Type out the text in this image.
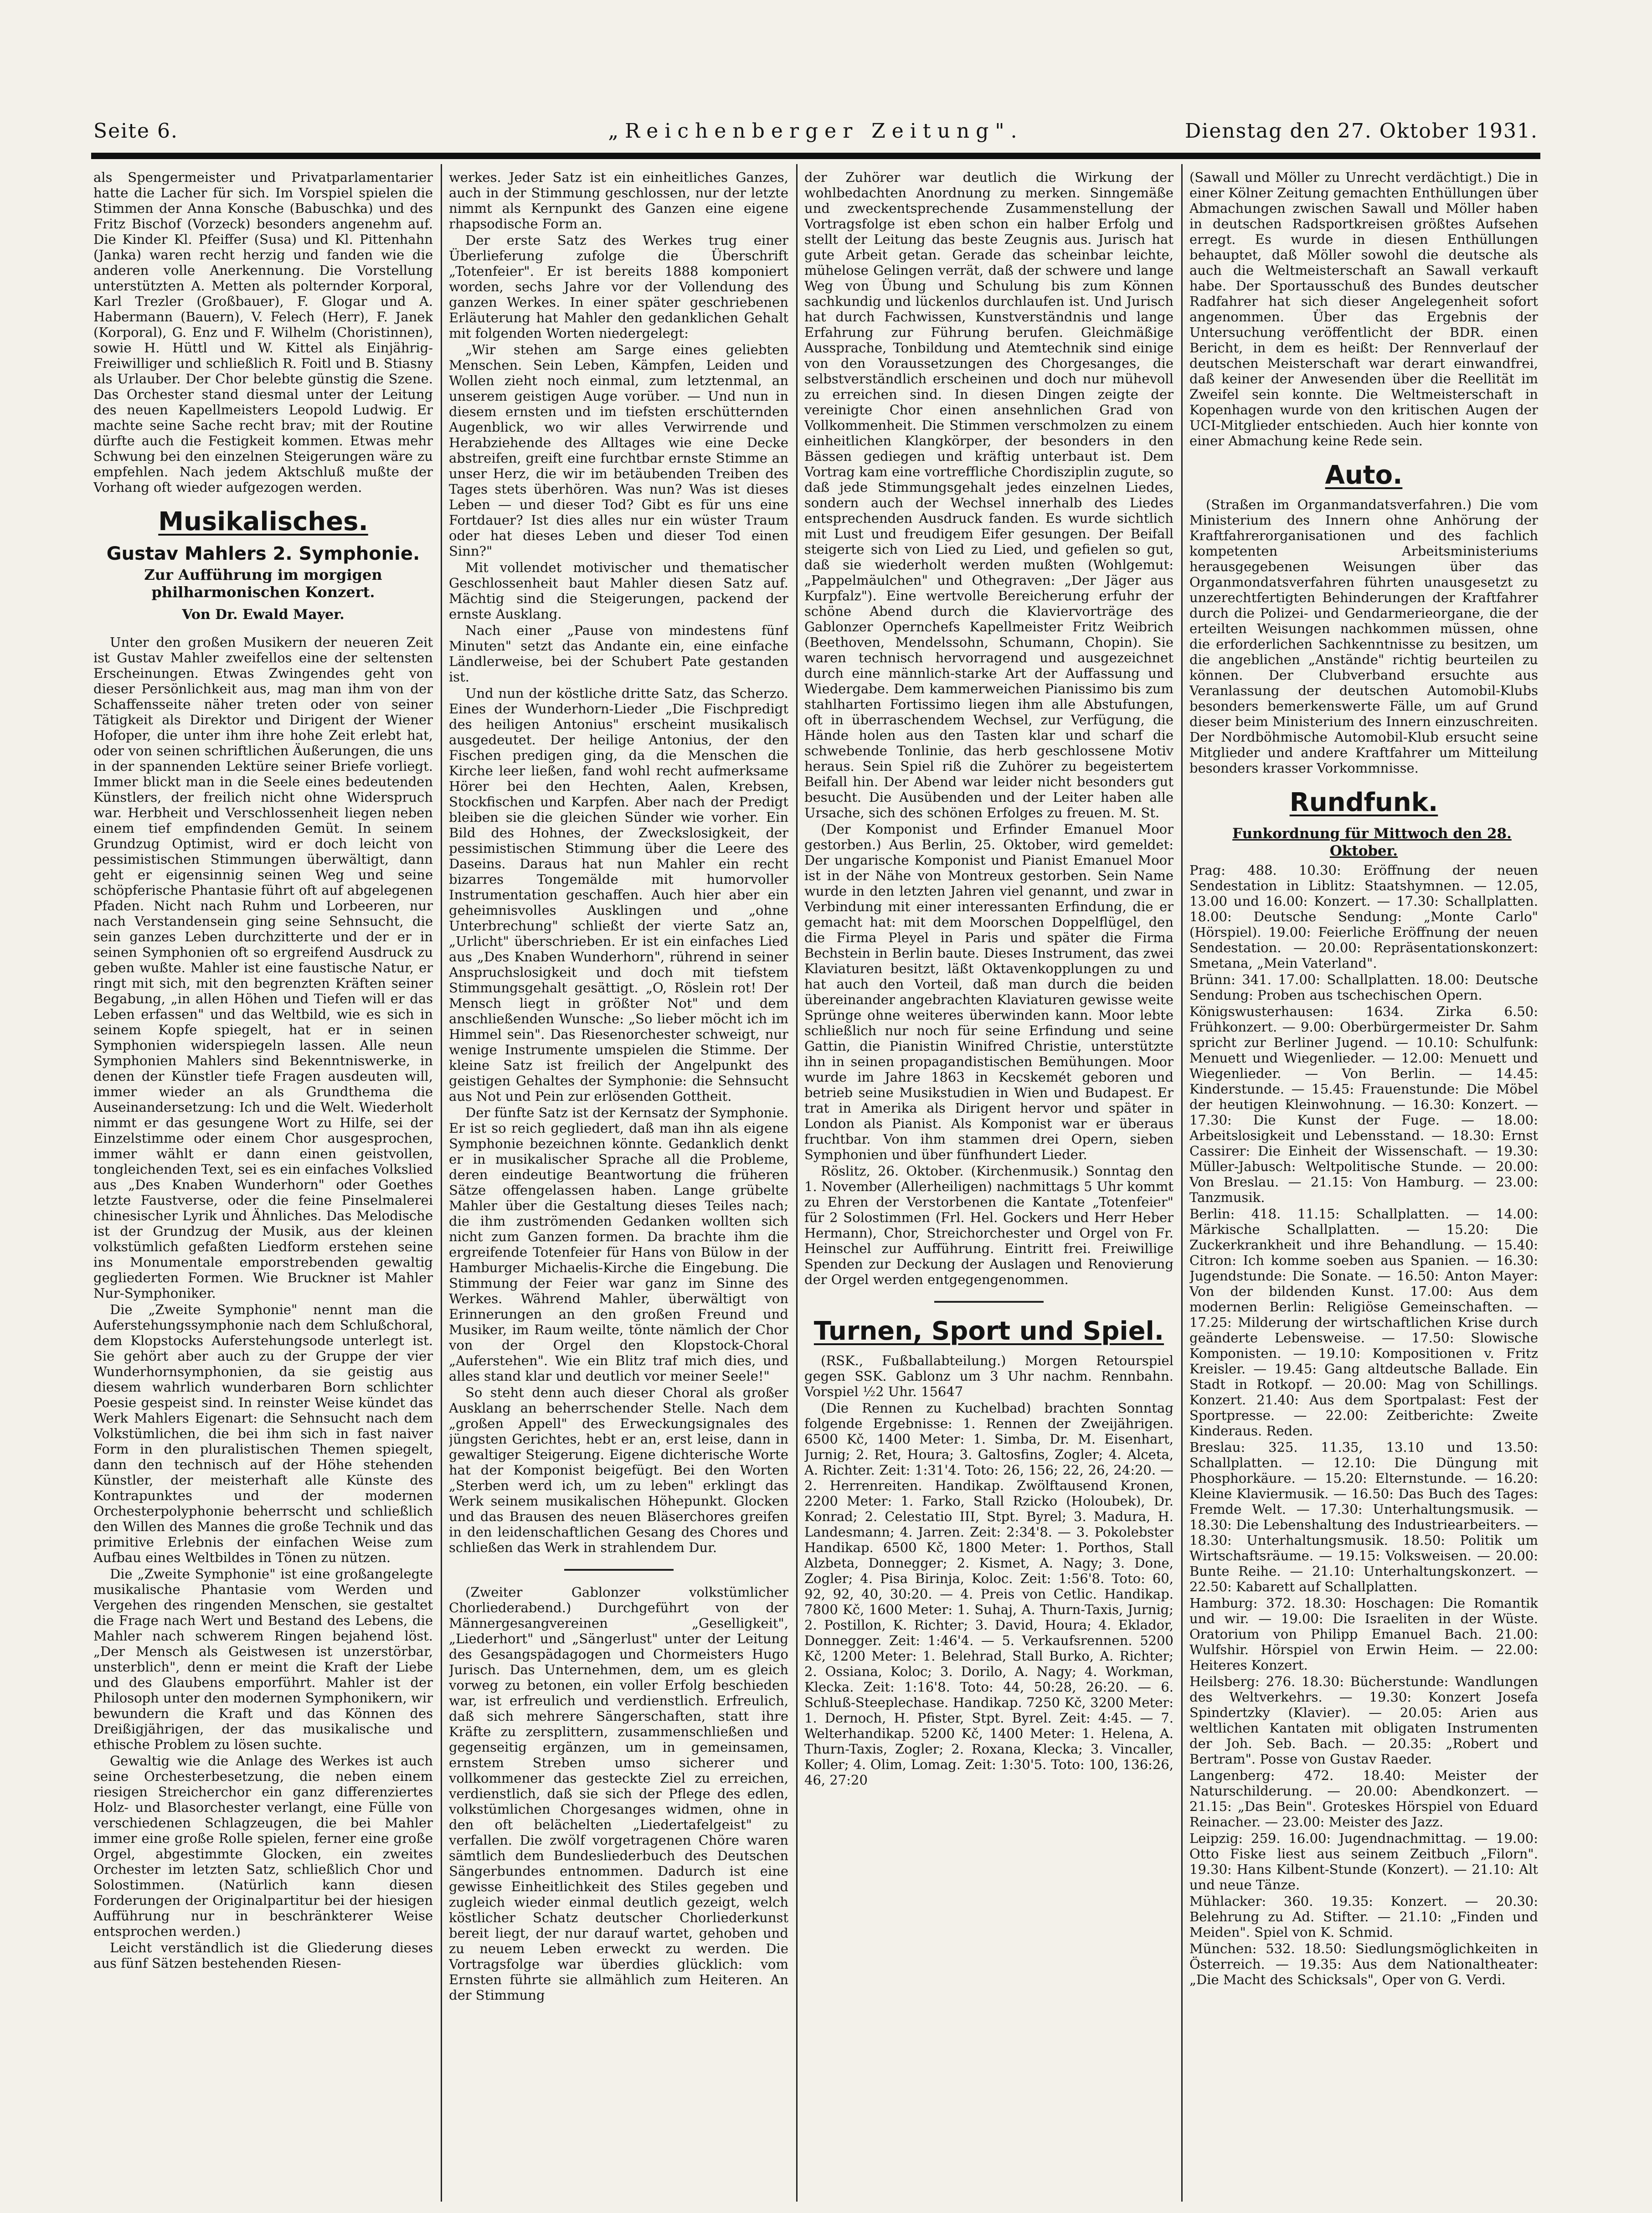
Seite 6.	„Reichenberger Zeitung".	Dienstag den 27. Oktober 1931.

als Spengermeister und Privatparlamentarier hatte die Lacher für sich. Im Vorspiel spielen die Stimmen der Anna Konsche (Babuschka) und des Fritz Bischof (Vorzeck) besonders angenehm auf. Die Kinder Kl. Pfeiffer (Susa) und Kl. Pittenhahn (Janka) waren recht herzig und fanden wie die anderen volle Anerkennung. Die Vorstellung unterstützten A. Metten als polternder Korporal, Karl Trezler (Großbauer), F. Glogar und A. Habermann (Bauern), V. Felech (Herr), F. Janek (Korporal), G. Enz und F. Wilhelm (Choristinnen), sowie H. Hüttl und W. Kittel als Einjährig-Freiwilliger und schließlich R. Foitl und B. Stiasny als Urlauber. Der Chor belebte günstig die Szene. Das Orchester stand diesmal unter der Leitung des neuen Kapellmeisters Leopold Ludwig. Er machte seine Sache recht brav; mit der Routine dürfte auch die Festigkeit kommen. Etwas mehr Schwung bei den einzelnen Steigerungen wäre zu empfehlen. Nach jedem Aktschluß mußte der Vorhang oft wieder aufgezogen werden.

Musikalisches.
Gustav Mahlers 2. Symphonie.
Zur Aufführung im morgigen philharmonischen Konzert.

Von Dr. Ewald Mayer.

Unter den großen Musikern der neueren Zeit ist Gustav Mahler zweifellos eine der seltensten Erscheinungen. Etwas Zwingendes geht von dieser Persönlichkeit aus, mag man ihm von der Schaffensseite näher treten oder von seiner Tätigkeit als Direktor und Dirigent der Wiener Hofoper, die unter ihm ihre hohe Zeit erlebt hat, oder von seinen schriftlichen Äußerungen, die uns in der spannenden Lektüre seiner Briefe vorliegt. Immer blickt man in die Seele eines bedeutenden Künstlers, der freilich nicht ohne Widerspruch war. Herbheit und Verschlossenheit liegen neben einem tief empfindenden Gemüt. In seinem Grundzug Optimist, wird er doch leicht von pessimistischen Stimmungen überwältigt, dann geht er eigensinnig seinen Weg und seine schöpferische Phantasie führt oft auf abgelegenen Pfaden. Nicht nach Ruhm und Lorbeeren, nur nach Verstandensein ging seine Sehnsucht, die sein ganzes Leben durchzitterte und der er in seinen Symphonien oft so ergreifend Ausdruck zu geben wußte. Mahler ist eine faustische Natur, er ringt mit sich, mit den begrenzten Kräften seiner Begabung, „in allen Höhen und Tiefen will er das Leben erfassen" und das Weltbild, wie es sich in seinem Kopfe spiegelt, hat er in seinen Symphonien widerspiegeln lassen. Alle neun Symphonien Mahlers sind Bekenntniswerke, in denen der Künstler tiefe Fragen ausdeuten will, immer wieder an als Grundthema die Auseinandersetzung: Ich und die Welt. Wiederholt nimmt er das gesungene Wort zu Hilfe, sei der Einzelstimme oder einem Chor ausgesprochen, immer wählt er dann einen geistvollen, tongleichenden Text, sei es ein einfaches Volkslied aus „Des Knaben Wunderhorn" oder Goethes letzte Faustverse, oder die feine Pinselmalerei chinesischer Lyrik und Ähnliches. Das Melodische ist der Grundzug der Musik, aus der kleinen volkstümlich gefaßten Liedform erstehen seine ins Monumentale emporstrebenden gewaltig gegliederten Formen. Wie Bruckner ist Mahler Nur-Symphoniker.

Die „Zweite Symphonie" nennt man die Auferstehungssymphonie nach dem Schlußchoral, dem Klopstocks Auferstehungsode unterlegt ist. Sie gehört aber auch zu der Gruppe der vier Wunderhornsymphonien, da sie geistig aus diesem wahrlich wunderbaren Born schlichter Poesie gespeist sind. In reinster Weise kündet das Werk Mahlers Eigenart: die Sehnsucht nach dem Volkstümlichen, die bei ihm sich in fast naiver Form in den pluralistischen Themen spiegelt, dann den technisch auf der Höhe stehenden Künstler, der meisterhaft alle Künste des Kontrapunktes und der modernen Orchesterpolyphonie beherrscht und schließlich den Willen des Mannes die große Technik und das primitive Erlebnis der einfachen Weise zum Aufbau eines Weltbildes in Tönen zu nützen.

Die „Zweite Symphonie" ist eine großangelegte musikalische Phantasie vom Werden und Vergehen des ringenden Menschen, sie gestaltet die Frage nach Wert und Bestand des Lebens, die Mahler nach schwerem Ringen bejahend löst. „Der Mensch als Geistwesen ist unzerstörbar, unsterblich", denn er meint die Kraft der Liebe und des Glaubens emporführt. Mahler ist der Philosoph unter den modernen Symphonikern, wir bewundern die Kraft und das Können des Dreißigjährigen, der das musikalische und ethische Problem zu lösen suchte.

Gewaltig wie die Anlage des Werkes ist auch seine Orchesterbesetzung, die neben einem riesigen Streicherchor ein ganz differenziertes Holz- und Blasorchester verlangt, eine Fülle von verschiedenen Schlagzeugen, die bei Mahler immer eine große Rolle spielen, ferner eine große Orgel, abgestimmte Glocken, ein zweites Orchester im letzten Satz, schließlich Chor und Solostimmen. (Natürlich kann diesen Forderungen der Originalpartitur bei der hiesigen Aufführung nur in beschränkterer Weise entsprochen werden.)

Leicht verständlich ist die Gliederung dieses aus fünf Sätzen bestehenden Riesen-

werkes. Jeder Satz ist ein einheitliches Ganzes, auch in der Stimmung geschlossen, nur der letzte nimmt als Kernpunkt des Ganzen eine eigene rhapsodische Form an.

Der erste Satz des Werkes trug einer Überlieferung zufolge die Überschrift „Totenfeier". Er ist bereits 1888 komponiert worden, sechs Jahre vor der Vollendung des ganzen Werkes. In einer später geschriebenen Erläuterung hat Mahler den gedanklichen Gehalt mit folgenden Worten niedergelegt:

„Wir stehen am Sarge eines geliebten Menschen. Sein Leben, Kämpfen, Leiden und Wollen zieht noch einmal, zum letztenmal, an unserem geistigen Auge vorüber. — Und nun in diesem ernsten und im tiefsten erschütternden Augenblick, wo wir alles Verwirrende und Herabziehende des Alltages wie eine Decke abstreifen, greift eine furchtbar ernste Stimme an unser Herz, die wir im betäubenden Treiben des Tages stets überhören. Was nun? Was ist dieses Leben — und dieser Tod? Gibt es für uns eine Fortdauer? Ist dies alles nur ein wüster Traum oder hat dieses Leben und dieser Tod einen Sinn?"

Mit vollendet motivischer und thematischer Geschlossenheit baut Mahler diesen Satz auf. Mächtig sind die Steigerungen, packend der ernste Ausklang.

Nach einer „Pause von mindestens fünf Minuten" setzt das Andante ein, eine einfache Ländlerweise, bei der Schubert Pate gestanden ist.

Und nun der köstliche dritte Satz, das Scherzo. Eines der Wunderhorn-Lieder „Die Fischpredigt des heiligen Antonius" erscheint musikalisch ausgedeutet. Der heilige Antonius, der den Fischen predigen ging, da die Menschen die Kirche leer ließen, fand wohl recht aufmerksame Hörer bei den Hechten, Aalen, Krebsen, Stockfischen und Karpfen. Aber nach der Predigt bleiben sie die gleichen Sünder wie vorher. Ein Bild des Hohnes, der Zweckslosigkeit, der pessimistischen Stimmung über die Leere des Daseins. Daraus hat nun Mahler ein recht bizarres Tongemälde mit humorvoller Instrumentation geschaffen. Auch hier aber ein geheimnisvolles Ausklingen und „ohne Unterbrechung" schließt der vierte Satz an, „Urlicht" überschrieben. Er ist ein einfaches Lied aus „Des Knaben Wunderhorn", rührend in seiner Anspruchslosigkeit und doch mit tiefstem Stimmungsgehalt gesättigt. „O, Röslein rot! Der Mensch liegt in größter Not" und dem anschließenden Wunsche: „So lieber möcht ich im Himmel sein". Das Riesenorchester schweigt, nur wenige Instrumente umspielen die Stimme. Der kleine Satz ist freilich der Angelpunkt des geistigen Gehaltes der Symphonie: die Sehnsucht aus Not und Pein zur erlösenden Gottheit.

Der fünfte Satz ist der Kernsatz der Symphonie. Er ist so reich gegliedert, daß man ihn als eigene Symphonie bezeichnen könnte. Gedanklich denkt er in musikalischer Sprache all die Probleme, deren eindeutige Beantwortung die früheren Sätze offengelassen haben. Lange grübelte Mahler über die Gestaltung dieses Teiles nach; die ihm zuströmenden Gedanken wollten sich nicht zum Ganzen formen. Da brachte ihm die ergreifende Totenfeier für Hans von Bülow in der Hamburger Michaelis-Kirche die Eingebung. Die Stimmung der Feier war ganz im Sinne des Werkes. Während Mahler, überwältigt von Erinnerungen an den großen Freund und Musiker, im Raum weilte, tönte nämlich der Chor von der Orgel den Klopstock-Choral „Auferstehen". Wie ein Blitz traf mich dies, und alles stand klar und deutlich vor meiner Seele!"

So steht denn auch dieser Choral als großer Ausklang an beherrschender Stelle. Nach dem „großen Appell" des Erweckungsignales des jüngsten Gerichtes, hebt er an, erst leise, dann in gewaltiger Steigerung. Eigene dichterische Worte hat der Komponist beigefügt. Bei den Worten „Sterben werd ich, um zu leben" erklingt das Werk seinem musikalischen Höhepunkt. Glocken und das Brausen des neuen Bläserchores greifen in den leidenschaftlichen Gesang des Chores und schließen das Werk in strahlendem Dur.

(Zweiter Gablonzer volkstümlicher Chorliederabend.) Durchgeführt von der Männergesangvereinen „Geselligkeit", „Liederhort" und „Sängerlust" unter der Leitung des Gesangspädagogen und Chormeisters Hugo Jurisch. Das Unternehmen, dem, um es gleich vorweg zu betonen, ein voller Erfolg beschieden war, ist erfreulich und verdienstlich. Erfreulich, daß sich mehrere Sängerschaften, statt ihre Kräfte zu zersplittern, zusammenschließen und gegenseitig ergänzen, um in gemeinsamen, ernstem Streben umso sicherer und vollkommener das gesteckte Ziel zu erreichen, verdienstlich, daß sie sich der Pflege des edlen, volkstümlichen Chorgesanges widmen, ohne in den oft belächelten „Liedertafelgeist" zu verfallen. Die zwölf vorgetragenen Chöre waren sämtlich dem Bundesliederbuch des Deutschen Sängerbundes entnommen. Dadurch ist eine gewisse Einheitlichkeit des Stiles gegeben und zugleich wieder einmal deutlich gezeigt, welch köstlicher Schatz deutscher Chorliederkunst bereit liegt, der nur darauf wartet, gehoben und zu neuem Leben erweckt zu werden. Die Vortragsfolge war überdies glücklich: vom Ernsten führte sie allmählich zum Heiteren. An der Stimmung

der Zuhörer war deutlich die Wirkung der wohlbedachten Anordnung zu merken. Sinngemäße und zweckentsprechende Zusammenstellung der Vortragsfolge ist eben schon ein halber Erfolg und stellt der Leitung das beste Zeugnis aus. Jurisch hat gute Arbeit getan. Gerade das scheinbar leichte, mühelose Gelingen verrät, daß der schwere und lange Weg von Übung und Schulung bis zum Können sachkundig und lückenlos durchlaufen ist. Und Jurisch hat durch Fachwissen, Kunstverständnis und lange Erfahrung zur Führung berufen. Gleichmäßige Aussprache, Tonbildung und Atemtechnik sind einige von den Voraussetzungen des Chorgesanges, die selbstverständlich erscheinen und doch nur mühevoll zu erreichen sind. In diesen Dingen zeigte der vereinigte Chor einen ansehnlichen Grad von Vollkommenheit. Die Stimmen verschmolzen zu einem einheitlichen Klangkörper, der besonders in den Bässen gediegen und kräftig unterbaut ist. Dem Vortrag kam eine vortreffliche Chordisziplin zugute, so daß jede Stimmungsgehalt jedes einzelnen Liedes, sondern auch der Wechsel innerhalb des Liedes entsprechenden Ausdruck fanden. Es wurde sichtlich mit Lust und freudigem Eifer gesungen. Der Beifall steigerte sich von Lied zu Lied, und gefielen so gut, daß sie wiederholt werden mußten (Wohlgemut: „Pappelmäulchen" und Othegraven: „Der Jäger aus Kurpfalz"). Eine wertvolle Bereicherung erfuhr der schöne Abend durch die Klaviervorträge des Gablonzer Opernchefs Kapellmeister Fritz Weibrich (Beethoven, Mendelssohn, Schumann, Chopin). Sie waren technisch hervorragend und ausgezeichnet durch eine männlich-starke Art der Auffassung und Wiedergabe. Dem kammerweichen Pianissimo bis zum stahlharten Fortissimo liegen ihm alle Abstufungen, oft in überraschendem Wechsel, zur Verfügung, die Hände holen aus den Tasten klar und scharf die schwebende Tonlinie, das herb geschlossene Motiv heraus. Sein Spiel riß die Zuhörer zu begeistertem Beifall hin. Der Abend war leider nicht besonders gut besucht. Die Ausübenden und der Leiter haben alle Ursache, sich des schönen Erfolges zu freuen. M. St.

(Der Komponist und Erfinder Emanuel Moor gestorben.) Aus Berlin, 25. Oktober, wird gemeldet: Der ungarische Komponist und Pianist Emanuel Moor ist in der Nähe von Montreux gestorben. Sein Name wurde in den letzten Jahren viel genannt, und zwar in Verbindung mit einer interessanten Erfindung, die er gemacht hat: mit dem Moorschen Doppelflügel, den die Firma Pleyel in Paris und später die Firma Bechstein in Berlin baute. Dieses Instrument, das zwei Klaviaturen besitzt, läßt Oktavenkopplungen zu und hat auch den Vorteil, daß man durch die beiden übereinander angebrachten Klaviaturen gewisse weite Sprünge ohne weiteres überwinden kann. Moor lebte schließlich nur noch für seine Erfindung und seine Gattin, die Pianistin Winifred Christie, unterstützte ihn in seinen propagandistischen Bemühungen. Moor wurde im Jahre 1863 in Kecskemét geboren und betrieb seine Musikstudien in Wien und Budapest. Er trat in Amerika als Dirigent hervor und später in London als Pianist. Als Komponist war er überaus fruchtbar. Von ihm stammen drei Opern, sieben Symphonien und über fünfhundert Lieder.

Röslitz, 26. Oktober. (Kirchenmusik.) Sonntag den 1. November (Allerheiligen) nachmittags 5 Uhr kommt zu Ehren der Verstorbenen die Kantate „Totenfeier" für 2 Solostimmen (Frl. Hel. Gockers und Herr Heber Hermann), Chor, Streichorchester und Orgel von Fr. Heinschel zur Aufführung. Eintritt frei. Freiwillige Spenden zur Deckung der Auslagen und Renovierung der Orgel werden entgegengenommen.

Turnen, Sport und Spiel.

(RSK., Fußballabteilung.) Morgen Retourspiel gegen SSK. Gablonz um 3 Uhr nachm. Rennbahn. Vorspiel ½2 Uhr. 15647

(Die Rennen zu Kuchelbad) brachten Sonntag folgende Ergebnisse: 1. Rennen der Zweijährigen. 6500 Kč, 1400 Meter: 1. Simba, Dr. M. Eisenhart, Jurnig; 2. Ret, Houra; 3. Galtosfins, Zogler; 4. Alceta, A. Richter. Zeit: 1:31'4. Toto: 26, 156; 22, 26, 24:20. — 2. Herrenreiten. Handikap. Zwölftausend Kronen, 2200 Meter: 1. Farko, Stall Rzicko (Holoubek), Dr. Konrad; 2. Celestatio III, Stpt. Byrel; 3. Madura, H. Landesmann; 4. Jarren. Zeit: 2:34'8. — 3. Pokolebster Handikap. 6500 Kč, 1800 Meter: 1. Porthos, Stall Alzbeta, Donnegger; 2. Kismet, A. Nagy; 3. Done, Zogler; 4. Pisa Birinja, Koloc. Zeit: 1:56'8. Toto: 60, 92, 92, 40, 30:20. — 4. Preis von Cetlic. Handikap. 7800 Kč, 1600 Meter: 1. Suhaj, A. Thurn-Taxis, Jurnig; 2. Postillon, K. Richter; 3. David, Houra; 4. Eklador, Donnegger. Zeit: 1:46'4. — 5. Verkaufsrennen. 5200 Kč, 1200 Meter: 1. Belehrad, Stall Burko, A. Richter; 2. Ossiana, Koloc; 3. Dorilo, A. Nagy; 4. Workman, Klecka. Zeit: 1:16'8. Toto: 44, 50:28, 26:20. — 6. Schluß-Steeplechase. Handikap. 7250 Kč, 3200 Meter: 1. Dernoch, H. Pfister, Stpt. Byrel. Zeit: 4:45. — 7. Welterhandikap. 5200 Kč, 1400 Meter: 1. Helena, A. Thurn-Taxis, Zogler; 2. Roxana, Klecka; 3. Vincaller, Koller; 4. Olim, Lomag. Zeit: 1:30'5. Toto: 100, 136:26, 46, 27:20

(Sawall und Möller zu Unrecht verdächtigt.) Die in einer Kölner Zeitung gemachten Enthüllungen über Abmachungen zwischen Sawall und Möller haben in deutschen Radsportkreisen größtes Aufsehen erregt. Es wurde in diesen Enthüllungen behauptet, daß Möller sowohl die deutsche als auch die Weltmeisterschaft an Sawall verkauft habe. Der Sportausschuß des Bundes deutscher Radfahrer hat sich dieser Angelegenheit sofort angenommen. Über das Ergebnis der Untersuchung veröffentlicht der BDR. einen Bericht, in dem es heißt: Der Rennverlauf der deutschen Meisterschaft war derart einwandfrei, daß keiner der Anwesenden über die Reellität im Zweifel sein konnte. Die Weltmeisterschaft in Kopenhagen wurde von den kritischen Augen der UCI-Mitglieder entschieden. Auch hier konnte von einer Abmachung keine Rede sein.

Auto.

(Straßen im Organmandatsverfahren.) Die vom Ministerium des Innern ohne Anhörung der Kraftfahrerorganisationen und des fachlich kompetenten Arbeitsministeriums herausgegebenen Weisungen über das Organmondatsverfahren führten unausgesetzt zu unzerechtfertigten Behinderungen der Kraftfahrer durch die Polizei- und Gendarmerieorgane, die der erteilten Weisungen nachkommen müssen, ohne die erforderlichen Sachkenntnisse zu besitzen, um die angeblichen „Anstände" richtig beurteilen zu können. Der Clubverband ersuchte aus Veranlassung der deutschen Automobil-Klubs besonders bemerkenswerte Fälle, um auf Grund dieser beim Ministerium des Innern einzuschreiten. Der Nordböhmische Automobil-Klub ersucht seine Mitglieder und andere Kraftfahrer um Mitteilung besonders krasser Vorkommnisse.

Rundfunk.

Funkordnung für Mittwoch den 28. Oktober.

Prag: 488. 10.30: Eröffnung der neuen Sendestation in Liblitz: Staatshymnen. — 12.05, 13.00 und 16.00: Konzert. — 17.30: Schallplatten. 18.00: Deutsche Sendung: „Monte Carlo" (Hörspiel). 19.00: Feierliche Eröffnung der neuen Sendestation. — 20.00: Repräsentationskonzert: Smetana, „Mein Vaterland".

Brünn: 341. 17.00: Schallplatten. 18.00: Deutsche Sendung: Proben aus tschechischen Opern.

Königswusterhausen: 1634. Zirka 6.50: Frühkonzert. — 9.00: Oberbürgermeister Dr. Sahm spricht zur Berliner Jugend. — 10.10: Schulfunk: Menuett und Wiegenlieder. — 12.00: Menuett und Wiegenlieder. — Von Berlin. — 14.45: Kinderstunde. — 15.45: Frauenstunde: Die Möbel der heutigen Kleinwohnung. — 16.30: Konzert. — 17.30: Die Kunst der Fuge. — 18.00: Arbeitslosigkeit und Lebensstand. — 18.30: Ernst Cassirer: Die Einheit der Wissenschaft. — 19.30: Müller-Jabusch: Weltpolitische Stunde. — 20.00: Von Breslau. — 21.15: Von Hamburg. — 23.00: Tanzmusik.

Berlin: 418. 11.15: Schallplatten. — 14.00: Märkische Schallplatten. — 15.20: Die Zuckerkrankheit und ihre Behandlung. — 15.40: Citron: Ich komme soeben aus Spanien. — 16.30: Jugendstunde: Die Sonate. — 16.50: Anton Mayer: Von der bildenden Kunst. 17.00: Aus dem modernen Berlin: Religiöse Gemeinschaften. — 17.25: Milderung der wirtschaftlichen Krise durch geänderte Lebensweise. — 17.50: Slowische Komponisten. — 19.10: Kompositionen v. Fritz Kreisler. — 19.45: Gang altdeutsche Ballade. Ein Stadt in Rotkopf. — 20.00: Mag von Schillings. Konzert. 21.40: Aus dem Sportpalast: Fest der Sportpresse. — 22.00: Zeitberichte: Zweite Kinderaus. Reden.

Breslau: 325. 11.35, 13.10 und 13.50: Schallplatten. — 12.10: Die Düngung mit Phosphorkäure. — 15.20: Elternstunde. — 16.20: Kleine Klaviermusik. — 16.50: Das Buch des Tages: Fremde Welt. — 17.30: Unterhaltungsmusik. — 18.30: Die Lebenshaltung des Industriearbeiters. — 18.30: Unterhaltungsmusik. 18.50: Politik um Wirtschaftsräume. — 19.15: Volksweisen. — 20.00: Bunte Reihe. — 21.10: Unterhaltungskonzert. — 22.50: Kabarett auf Schallplatten.

Hamburg: 372. 18.30: Hoschagen: Die Romantik und wir. — 19.00: Die Israeliten in der Wüste. Oratorium von Philipp Emanuel Bach. 21.00: Wulfshir. Hörspiel von Erwin Heim. — 22.00: Heiteres Konzert.

Heilsberg: 276. 18.30: Bücherstunde: Wandlungen des Weltverkehrs. — 19.30: Konzert Josefa Spindertzky (Klavier). — 20.05: Arien aus weltlichen Kantaten mit obligaten Instrumenten der Joh. Seb. Bach. — 20.35: „Robert und Bertram". Posse von Gustav Raeder.

Langenberg: 472. 18.40: Meister der Naturschilderung. — 20.00: Abendkonzert. — 21.15: „Das Bein". Groteskes Hörspiel von Eduard Reinacher. — 23.00: Meister des Jazz.

Leipzig: 259. 16.00: Jugendnachmittag. — 19.00: Otto Fiske liest aus seinem Zeitbuch „Filorn". 19.30: Hans Kilbent-Stunde (Konzert). — 21.10: Alt und neue Tänze.

Mühlacker: 360. 19.35: Konzert. — 20.30: Belehrung zu Ad. Stifter. — 21.10: „Finden und Meiden". Spiel von K. Schmid.

München: 532. 18.50: Siedlungsmöglichkeiten in Österreich. — 19.35: Aus dem Nationaltheater: „Die Macht des Schicksals", Oper von G. Verdi.
